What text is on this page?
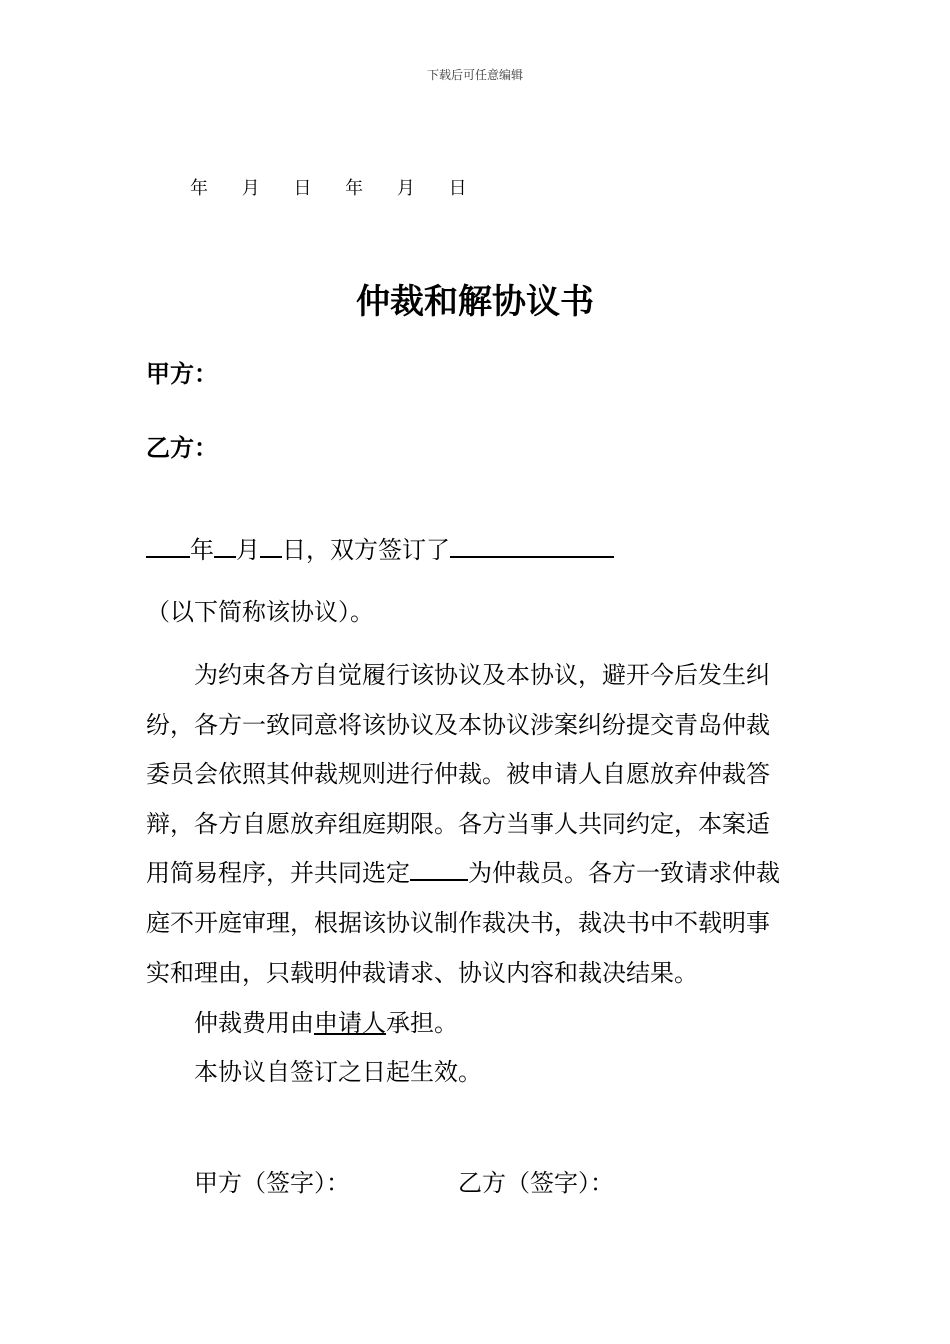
下载后可任意编辑
年 月 日 年 月 日
仲裁和解协议书
甲方：
乙方：
年 月 日，双方签订了
（以下简称该协议）。
为约束各方自觉履行该协议及本协议，避开今后发生纠
纷，各方一致同意将该协议及本协议涉案纠纷提交青岛仲裁
委员会依照其仲裁规则进行仲裁。被申请人自愿放弃仲裁答
辩，各方自愿放弃组庭期限。各方当事人共同约定，本案适
用简易程序，并共同选定 为仲裁员。各方一致请求仲裁
庭不开庭审理，根据该协议制作裁决书，裁决书中不载明事
实和理由，只载明仲裁请求、协议内容和裁决结果。
仲裁费用由申请人承担。
本协议自签订之日起生效。
甲方（签字）：	乙方（签字）：
